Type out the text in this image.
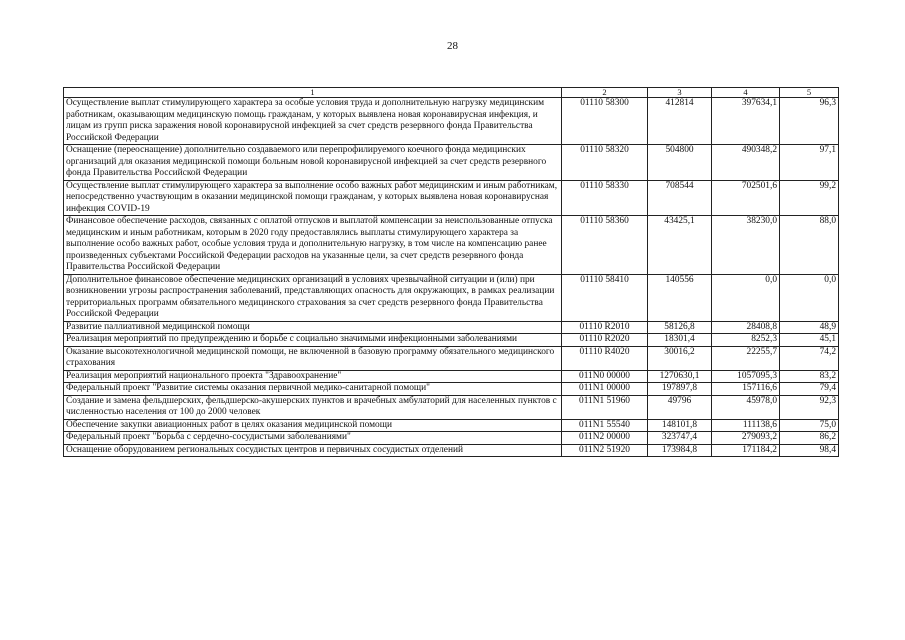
28
1	2	3	4	5
Осуществление выплат стимулирующего характера за особые условия труда и дополнительную нагрузку медицинским работникам, оказывающим медицинскую помощь гражданам, у которых выявлена новая коронавирусная инфекция, и лицам из групп риска заражения новой коронавирусной инфекцией за счет средств резервного фонда Правительства Российской Федерации	01110 58300	412814	397634,1	96,3
Оснащение (переоснащение) дополнительно создаваемого или перепрофилируемого коечного фонда медицинских организаций для оказания медицинской помощи больным новой коронавирусной инфекцией за счет средств резервного фонда Правительства Российской Федерации	01110 58320	504800	490348,2	97,1
Осуществление выплат стимулирующего характера за выполнение особо важных работ медицинским и иным работникам, непосредственно участвующим в оказании медицинской помощи гражданам, у которых выявлена новая коронавирусная инфекция COVID-19	01110 58330	708544	702501,6	99,2
Финансовое обеспечение расходов, связанных с оплатой отпусков и выплатой компенсации за неиспользованные отпуска медицинским и иным работникам, которым в 2020 году предоставлялись выплаты стимулирующего характера за выполнение особо важных работ, особые условия труда и дополнительную нагрузку, в том числе на компенсацию ранее произведенных субъектами Российской Федерации расходов на указанные цели, за счет средств резервного фонда Правительства Российской Федерации	01110 58360	43425,1	38230,0	88,0
Дополнительное финансовое обеспечение медицинских организаций в условиях чрезвычайной ситуации и (или) при возникновении угрозы распространения заболеваний, представляющих опасность для окружающих, в рамках реализации территориальных программ обязательного медицинского страхования за счет средств резервного фонда Правительства Российской Федерации	01110 58410	140556	0,0	0,0
Развитие паллиативной медицинской помощи	01110 R2010	58126,8	28408,8	48,9
Реализация мероприятий по предупреждению и борьбе с социально значимыми инфекционными заболеваниями	01110 R2020	18301,4	8252,3	45,1
Оказание высокотехнологичной медицинской помощи, не включенной в базовую программу обязательного медицинского страхования	01110 R4020	30016,2	22255,7	74,2
Реализация мероприятий национального проекта "Здравоохранение"	011N0 00000	1270630,1	1057095,3	83,2
Федеральный проект "Развитие системы оказания первичной медико-санитарной помощи"	011N1 00000	197897,8	157116,6	79,4
Создание и замена фельдшерских, фельдшерско-акушерских пунктов и врачебных амбулаторий для населенных пунктов с численностью населения от 100 до 2000 человек	011N1 51960	49796	45978,0	92,3
Обеспечение закупки авиационных работ в целях оказания медицинской помощи	011N1 55540	148101,8	111138,6	75,0
Федеральный проект "Борьба с сердечно-сосудистыми заболеваниями"	011N2 00000	323747,4	279093,2	86,2
Оснащение оборудованием региональных сосудистых центров и первичных сосудистых отделений	011N2 51920	173984,8	171184,2	98,4
